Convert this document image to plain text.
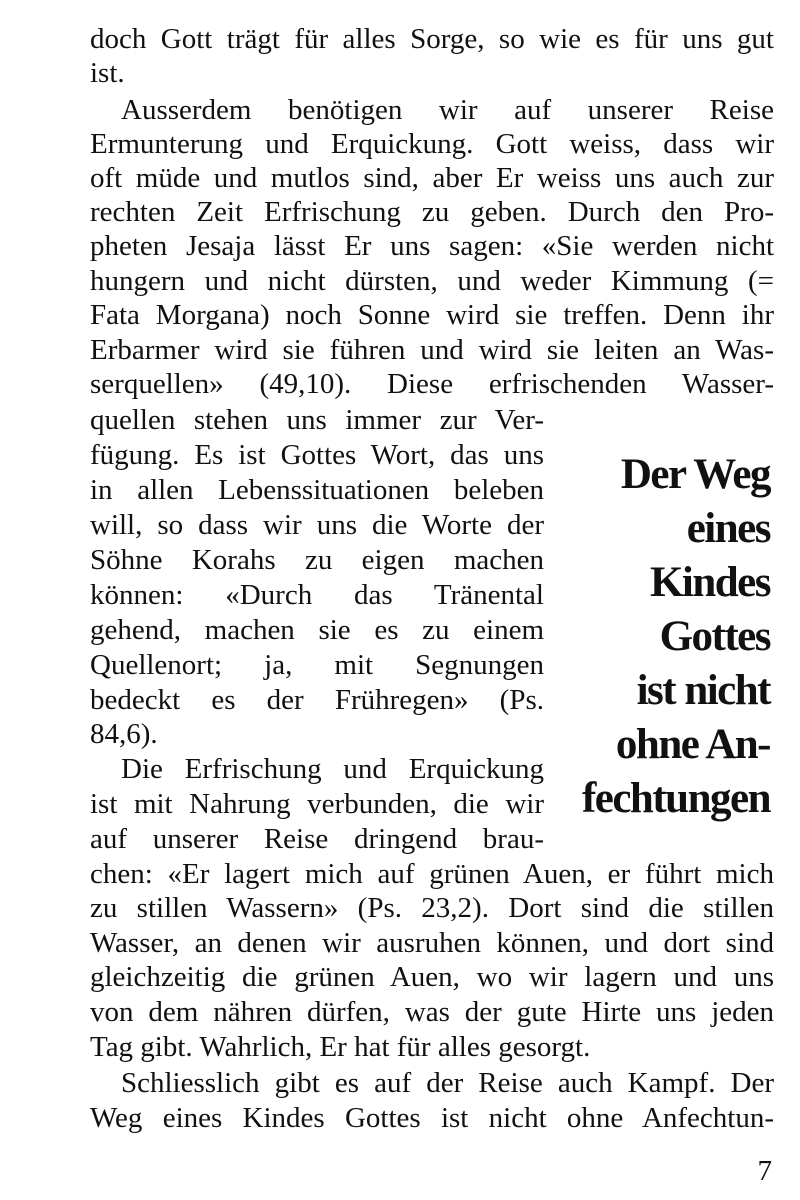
doch Gott trägt für alles Sorge, so wie es für uns gut
ist.
Ausserdem benötigen wir auf unserer Reise
Ermunterung und Erquickung. Gott weiss, dass wir
oft müde und mutlos sind, aber Er weiss uns auch zur
rechten Zeit Erfrischung zu geben. Durch den Pro-
pheten Jesaja lässt Er uns sagen: «Sie werden nicht
hungern und nicht dürsten, und weder Kimmung (=
Fata Morgana) noch Sonne wird sie treffen. Denn ihr
Erbarmer wird sie führen und wird sie leiten an Was-
serquellen» (49,10). Diese erfrischenden Wasser-
quellen stehen uns immer zur Ver-
fügung. Es ist Gottes Wort, das uns
in allen Lebenssituationen beleben
will, so dass wir uns die Worte der
Söhne Korahs zu eigen machen
können: «Durch das Tränental
gehend, machen sie es zu einem
Quellenort; ja, mit Segnungen
bedeckt es der Frühregen» (Ps.
84,6).
Die Erfrischung und Erquickung
ist mit Nahrung verbunden, die wir
auf unserer Reise dringend brau-
chen: «Er lagert mich auf grünen Auen, er führt mich
zu stillen Wassern» (Ps. 23,2). Dort sind die stillen
Wasser, an denen wir ausruhen können, und dort sind
gleichzeitig die grünen Auen, wo wir lagern und uns
von dem nähren dürfen, was der gute Hirte uns jeden
Tag gibt. Wahrlich, Er hat für alles gesorgt.
Schliesslich gibt es auf der Reise auch Kampf. Der
Weg eines Kindes Gottes ist nicht ohne Anfechtun-
Der Weg
eines
Kindes
Gottes
ist nicht
ohne An-
fechtungen
7
